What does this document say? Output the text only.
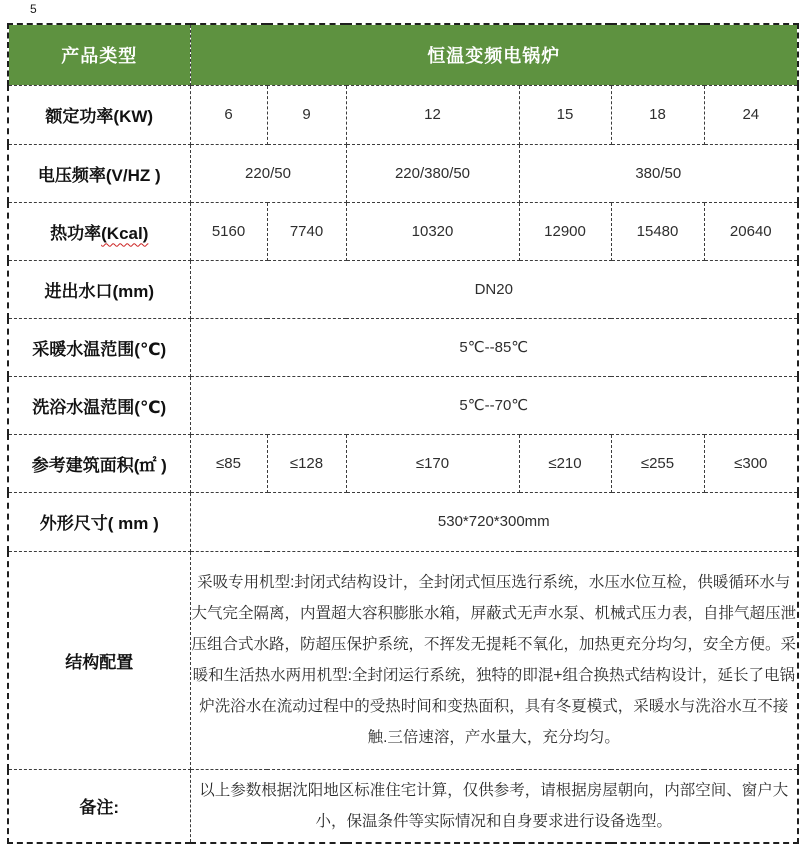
5
产品类型	恒温变频电锅炉					
额定功率(KW)	6	9	12	15	18	24
电压频率(V/HZ )	220/50		220/380/50	380/50		
热功率(Kcal)	5160	7740	10320	12900	15480	20640
进出水口(mm)	DN20					
采暖水温范围(℃)	5℃--85℃					
洗浴水温范围(℃)	5℃--70℃					
参考建筑面积(㎡ )	≤85	≤128	≤170	≤210	≤255	≤300
外形尺寸( mm )	530*720*300mm					
结构配置	采吸专用机型:封闭式结构设计，全封闭式恒压选行系统，水压水位互检，供暖循环水与大气完全隔离，内置超大容积膨胀水箱，屏蔽式无声水泵、机械式压力表，自排气超压泄压组合式水路，防超压保护系统，不挥发无提耗不氧化，加热更充分均匀，安全方便。采暖和生活热水两用机型:全封闭运行系统，独特的即混+组合换热式结构设计，延长了电锅炉洗浴水在流动过程中的受热时间和变热面积，具有冬夏模式，采暖水与洗浴水互不接触.三倍速溶，产水量大，充分均匀。					
备注:	以上参数根据沈阳地区标准住宅计算，仅供参考，请根据房屋朝向，内部空间、窗户大小，保温条件等实际情况和自身要求进行设备选型。					
